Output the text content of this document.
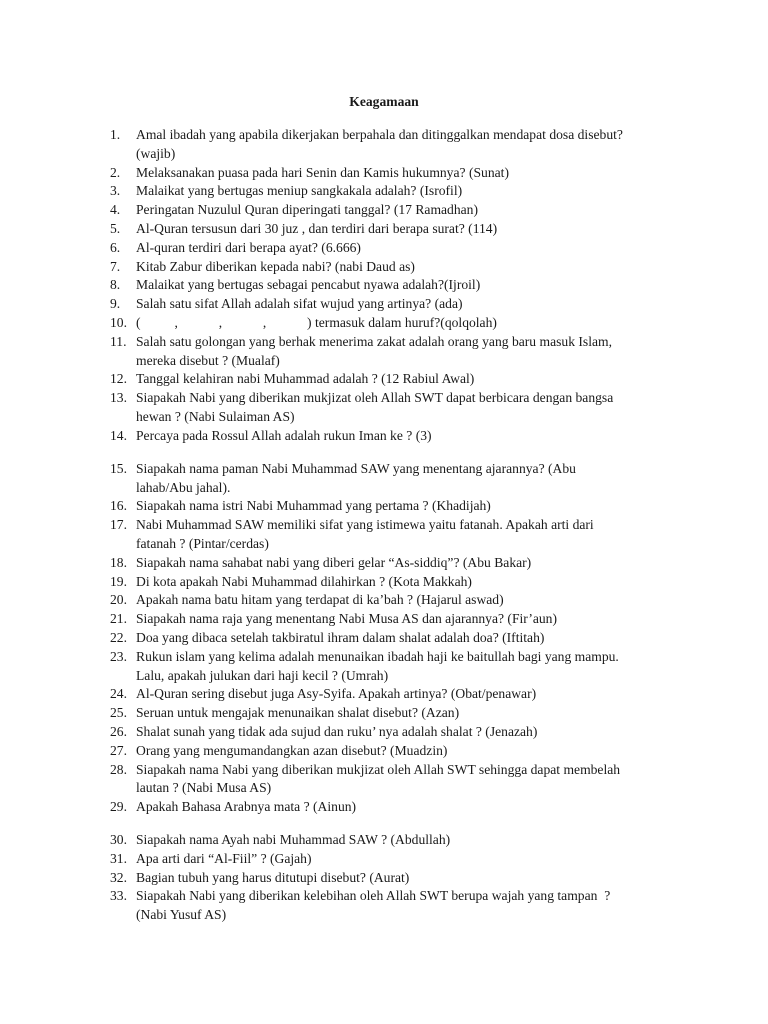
Keagamaan
1.	Amal ibadah yang apabila dikerjakan berpahala dan ditinggalkan mendapat dosa disebut?
(wajib)
2.	Melaksanakan puasa pada hari Senin dan Kamis hukumnya? (Sunat)
3.	Malaikat yang bertugas meniup sangkakala adalah? (Isrofil)
4.	Peringatan Nuzulul Quran diperingati tanggal? (17 Ramadhan)
5.	Al-Quran tersusun dari 30 juz , dan terdiri dari berapa surat? (114)
6.	Al-quran terdiri dari berapa ayat? (6.666)
7.	Kitab Zabur diberikan kepada nabi? (nabi Daud as)
8.	Malaikat yang bertugas sebagai pencabut nyawa adalah?(Ijroil)
9.	Salah satu sifat Allah adalah sifat wujud yang artinya? (ada)
10. (          ,            ,            ,            ) termasuk dalam huruf?(qolqolah)
11. Salah satu golongan yang berhak menerima zakat adalah orang yang baru masuk Islam,
mereka disebut ? (Mualaf)
12. Tanggal kelahiran nabi Muhammad adalah ? (12 Rabiul Awal)
13. Siapakah Nabi yang diberikan mukjizat oleh Allah SWT dapat berbicara dengan bangsa
hewan ? (Nabi Sulaiman AS)
14. Percaya pada Rossul Allah adalah rukun Iman ke ? (3)
15. Siapakah nama paman Nabi Muhammad SAW yang menentang ajarannya? (Abu
lahab/Abu jahal).
16. Siapakah nama istri Nabi Muhammad yang pertama ? (Khadijah)
17. Nabi Muhammad SAW memiliki sifat yang istimewa yaitu fatanah. Apakah arti dari
fatanah ? (Pintar/cerdas)
18. Siapakah nama sahabat nabi yang diberi gelar “As-siddiq”? (Abu Bakar)
19. Di kota apakah Nabi Muhammad dilahirkan ? (Kota Makkah)
20. Apakah nama batu hitam yang terdapat di ka’bah ? (Hajarul aswad)
21. Siapakah nama raja yang menentang Nabi Musa AS dan ajarannya? (Fir’aun)
22. Doa yang dibaca setelah takbiratul ihram dalam shalat adalah doa? (Iftitah)
23. Rukun islam yang kelima adalah menunaikan ibadah haji ke baitullah bagi yang mampu.
Lalu, apakah julukan dari haji kecil ? (Umrah)
24. Al-Quran sering disebut juga Asy-Syifa. Apakah artinya? (Obat/penawar)
25. Seruan untuk mengajak menunaikan shalat disebut? (Azan)
26. Shalat sunah yang tidak ada sujud dan ruku’ nya adalah shalat ? (Jenazah)
27. Orang yang mengumandangkan azan disebut? (Muadzin)
28. Siapakah nama Nabi yang diberikan mukjizat oleh Allah SWT sehingga dapat membelah
lautan ? (Nabi Musa AS)
29. Apakah Bahasa Arabnya mata ? (Ainun)
30. Siapakah nama Ayah nabi Muhammad SAW ? (Abdullah)
31. Apa arti dari “Al-Fiil” ? (Gajah)
32. Bagian tubuh yang harus ditutupi disebut? (Aurat)
33. Siapakah Nabi yang diberikan kelebihan oleh Allah SWT berupa wajah yang tampan  ?
(Nabi Yusuf AS)
